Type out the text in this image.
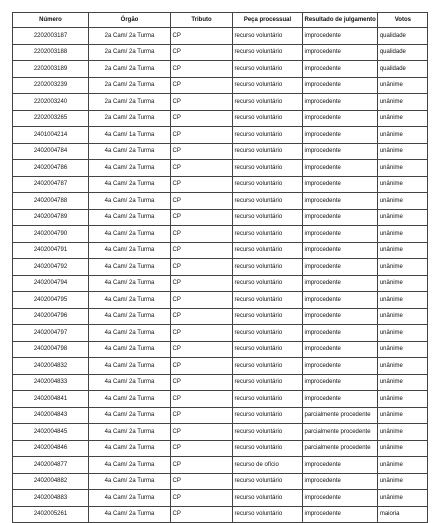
Número	Órgão	Tributo	Peça processual	Resultado de julgamento	Votos
2202003187	2a Cam/ 2a Turma	CP	recurso voluntário	improcedente	qualidade
2202003188	2a Cam/ 2a Turma	CP	recurso voluntário	improcedente	qualidade
2202003189	2a Cam/ 2a Turma	CP	recurso voluntário	improcedente	qualidade
2202003239	2a Cam/ 2a Turma	CP	recurso voluntário	improcedente	unânime
2202003240	2a Cam/ 2a Turma	CP	recurso voluntário	improcedente	unânime
2202003265	2a Cam/ 2a Turma	CP	recurso voluntário	improcedente	unânime
2401004214	4a Cam/ 1a Turma	CP	recurso voluntário	improcedente	unânime
2402004784	4a Cam/ 2a Turma	CP	recurso voluntário	improcedente	unânime
2402004786	4a Cam/ 2a Turma	CP	recurso voluntário	improcedente	unânime
2402004787	4a Cam/ 2a Turma	CP	recurso voluntário	improcedente	unânime
2402004788	4a Cam/ 2a Turma	CP	recurso voluntário	improcedente	unânime
2402004789	4a Cam/ 2a Turma	CP	recurso voluntário	improcedente	unânime
2402004790	4a Cam/ 2a Turma	CP	recurso voluntário	improcedente	unânime
2402004791	4a Cam/ 2a Turma	CP	recurso voluntário	improcedente	unânime
2402004792	4a Cam/ 2a Turma	CP	recurso voluntário	improcedente	unânime
2402004794	4a Cam/ 2a Turma	CP	recurso voluntário	improcedente	unânime
2402004795	4a Cam/ 2a Turma	CP	recurso voluntário	improcedente	unânime
2402004796	4a Cam/ 2a Turma	CP	recurso voluntário	improcedente	unânime
2402004797	4a Cam/ 2a Turma	CP	recurso voluntário	improcedente	unânime
2402004798	4a Cam/ 2a Turma	CP	recurso voluntário	improcedente	unânime
2402004832	4a Cam/ 2a Turma	CP	recurso voluntário	improcedente	unânime
2402004833	4a Cam/ 2a Turma	CP	recurso voluntário	improcedente	unânime
2402004841	4a Cam/ 2a Turma	CP	recurso voluntário	improcedente	unânime
2402004843	4a Cam/ 2a Turma	CP	recurso voluntário	parcialmente procedente	unânime
2402004845	4a Cam/ 2a Turma	CP	recurso voluntário	parcialmente procedente	unânime
2402004846	4a Cam/ 2a Turma	CP	recurso voluntário	parcialmente procedente	unânime
2402004877	4a Cam/ 2a Turma	CP	recurso de ofício	improcedente	unânime
2402004882	4a Cam/ 2a Turma	CP	recurso voluntário	improcedente	unânime
2402004883	4a Cam/ 2a Turma	CP	recurso voluntário	improcedente	unânime
2402005261	4a Cam/ 2a Turma	CP	recurso voluntário	improcedente	maioria
